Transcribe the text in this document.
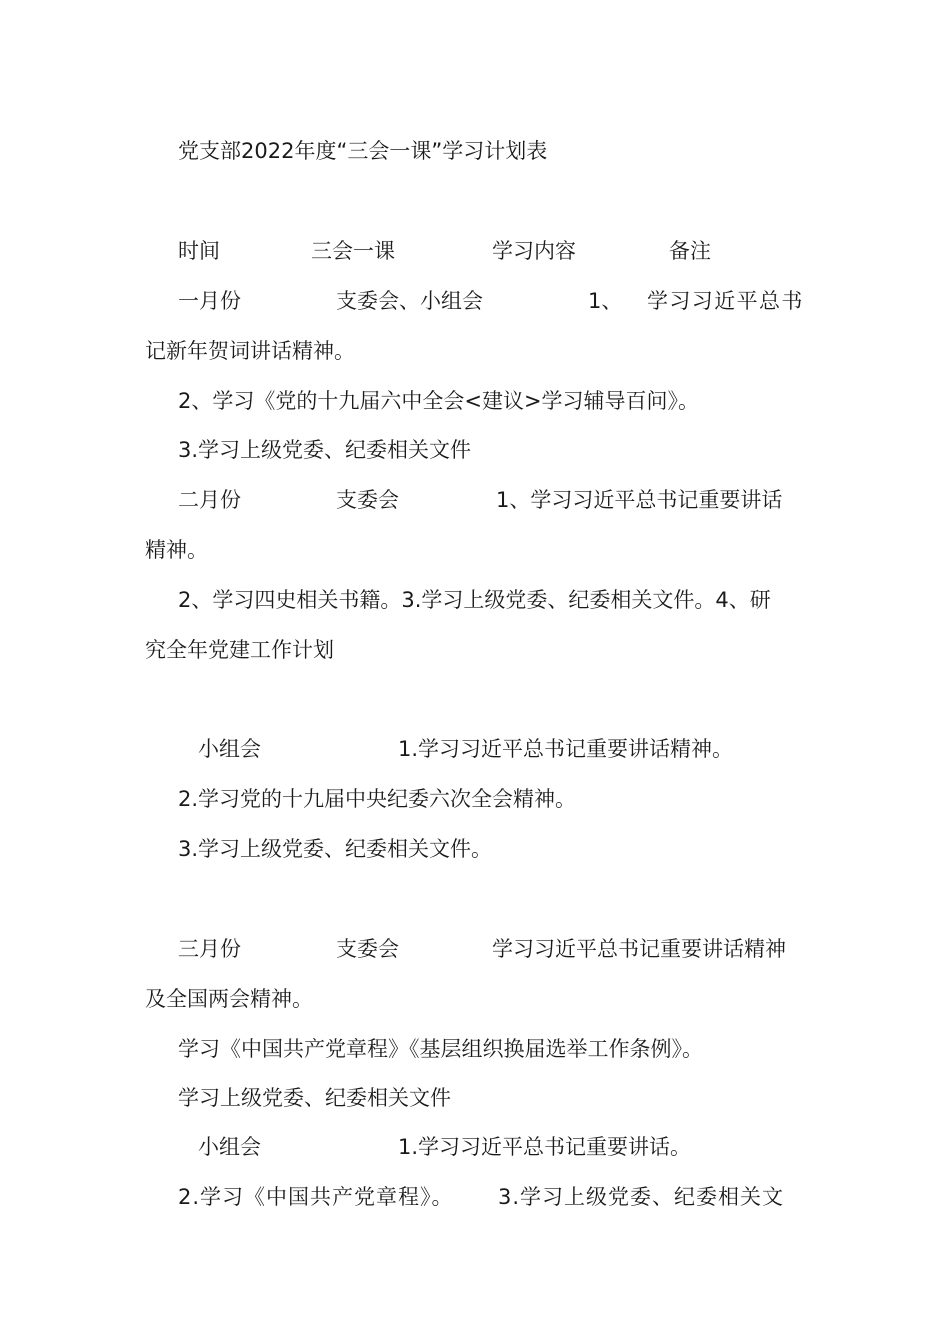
党支部2022年度“三会一课”学习计划表
时间	三会一课	学习内容	备注
一月份	支委会、小组会	1、 学习习近平总书
记新年贺词讲话精神。
2、学习《党的十九届六中全会<建议>学习辅导百问》。
3.学习上级党委、纪委相关文件
二月份	支委会	1、学习习近平总书记重要讲话
精神。
2、学习四史相关书籍。3.学习上级党委、纪委相关文件。4、研
究全年党建工作计划
小组会	1.学习习近平总书记重要讲话精神。
2.学习党的十九届中央纪委六次全会精神。
3.学习上级党委、纪委相关文件。
三月份	支委会	学习习近平总书记重要讲话精神
及全国两会精神。
学习《中国共产党章程》《基层组织换届选举工作条例》。
学习上级党委、纪委相关文件
小组会	1.学习习近平总书记重要讲话。
2.学习《中国共产党章程》。 3.学习上级党委、纪委相关文
